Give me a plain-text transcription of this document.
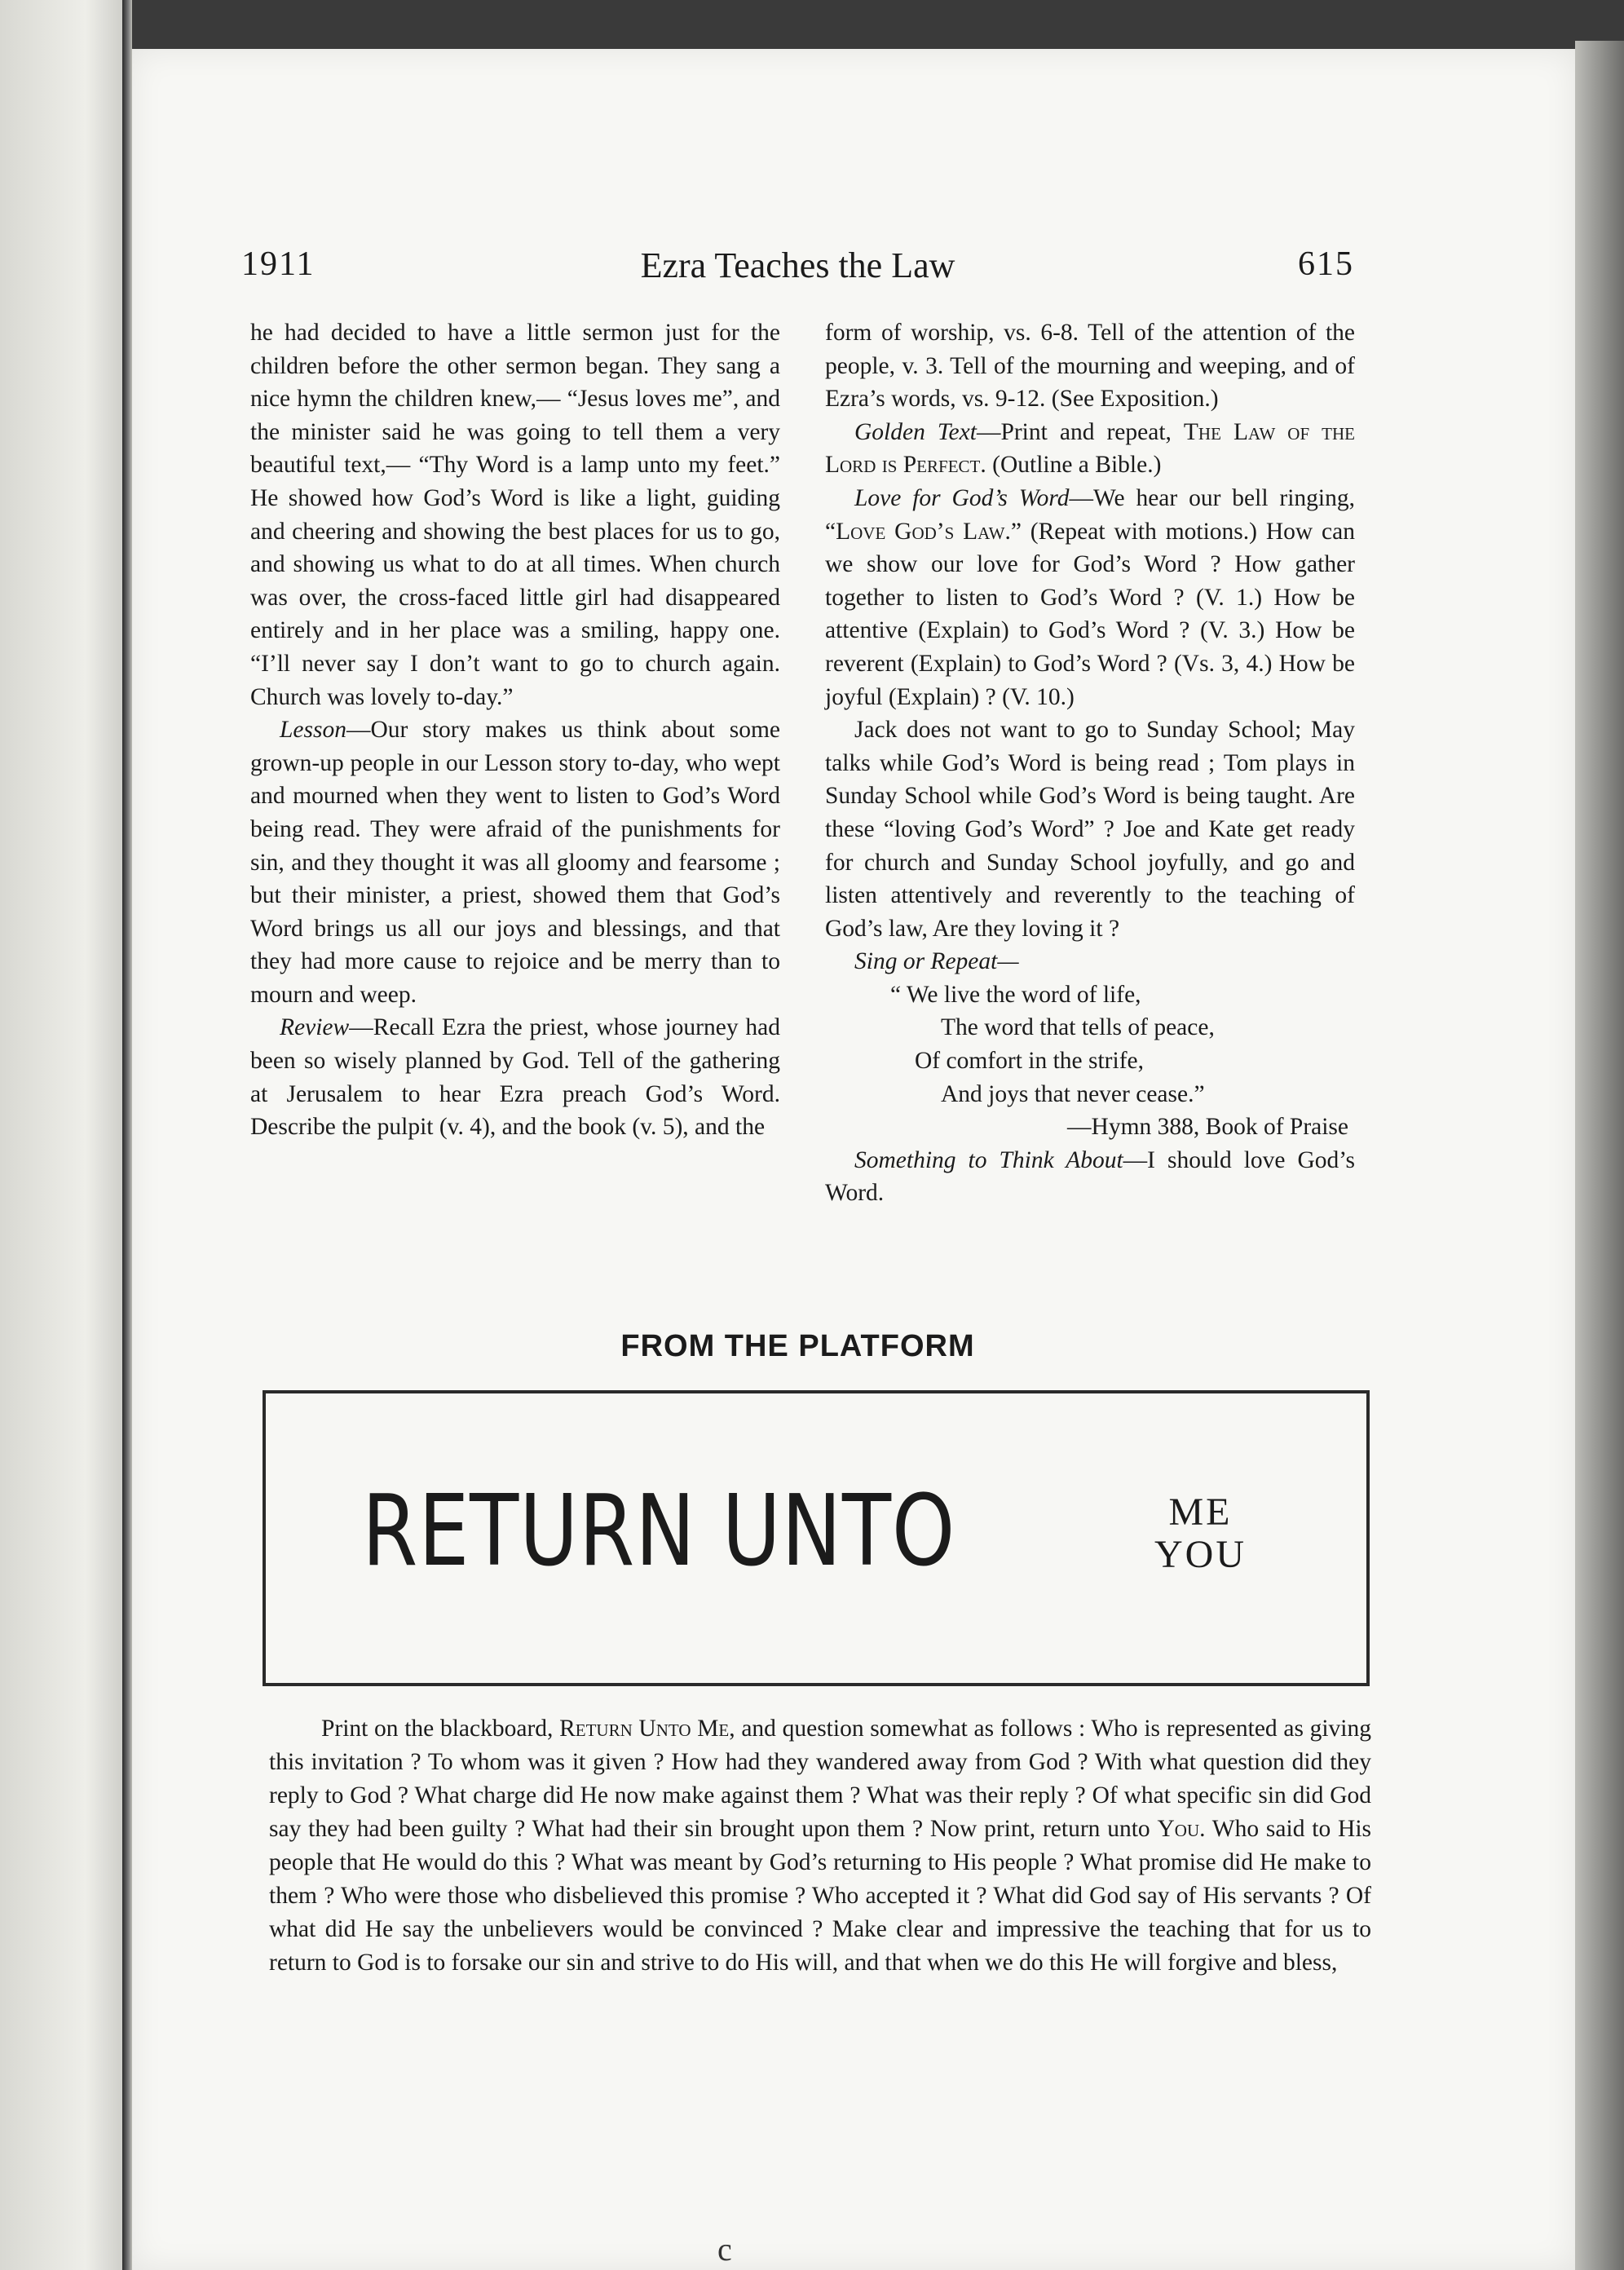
Ezra Teaches the Law
1911	615

he had decided to have a little sermon just for the children before the other sermon began. They sang a nice hymn the children knew,— “Jesus loves me”, and the minister said he was going to tell them a very beautiful text,— “Thy Word is a lamp unto my feet.” He showed how God’s Word is like a light, guiding and cheering and showing the best places for us to go, and showing us what to do at all times. When church was over, the cross-faced little girl had disappeared entirely and in her place was a smiling, happy one. “I’ll never say I don’t want to go to church again. Church was lovely to-day.”

Lesson—Our story makes us think about some grown-up people in our Lesson story to-day, who wept and mourned when they went to listen to God’s Word being read. They were afraid of the punishments for sin, and they thought it was all gloomy and fearsome ; but their minister, a priest, showed them that God’s Word brings us all our joys and blessings, and that they had more cause to rejoice and be merry than to mourn and weep.

Review—Recall Ezra the priest, whose journey had been so wisely planned by God. Tell of the gathering at Jerusalem to hear Ezra preach God’s Word. Describe the pulpit (v. 4), and the book (v. 5), and the

form of worship, vs. 6-8. Tell of the attention of the people, v. 3. Tell of the mourning and weeping, and of Ezra’s words, vs. 9-12. (See Exposition.)

Golden Text—Print and repeat, The Law of the Lord is Perfect. (Outline a Bible.)

Love for God’s Word—We hear our bell ringing, “Love God’s Law.” (Repeat with motions.) How can we show our love for God’s Word ? How gather together to listen to God’s Word ? (V. 1.) How be attentive (Explain) to God’s Word ? (V. 3.) How be reverent (Explain) to God’s Word ? (Vs. 3, 4.) How be joyful (Explain) ? (V. 10.)

Jack does not want to go to Sunday School; May talks while God’s Word is being read ; Tom plays in Sunday School while God’s Word is being taught. Are these “loving God’s Word” ? Joe and Kate get ready for church and Sunday School joyfully, and go and listen attentively and reverently to the teaching of God’s law, Are they loving it ?

Sing or Repeat—

“ We live the word of life,
The word that tells of peace,
Of comfort in the strife,
And joys that never cease.”
—Hymn 388, Book of Praise

Something to Think About—I should love God’s Word.

FROM THE PLATFORM
RETURN UNTO	ME
YOU

Print on the blackboard, Return Unto Me, and question somewhat as follows : Who is represented as giving this invitation ? To whom was it given ? How had they wandered away from God ? With what question did they reply to God ? What charge did He now make against them ? What was their reply ? Of what specific sin did God say they had been guilty ? What had their sin brought upon them ? Now print, return unto You. Who said to His people that He would do this ? What was meant by God’s returning to His people ? What promise did He make to them ? Who were those who disbelieved this promise ? Who accepted it ? What did God say of His servants ? Of what did He say the unbelievers would be convinced ? Make clear and impressive the teaching that for us to return to God is to forsake our sin and strive to do His will, and that when we do this He will forgive and bless,

c
